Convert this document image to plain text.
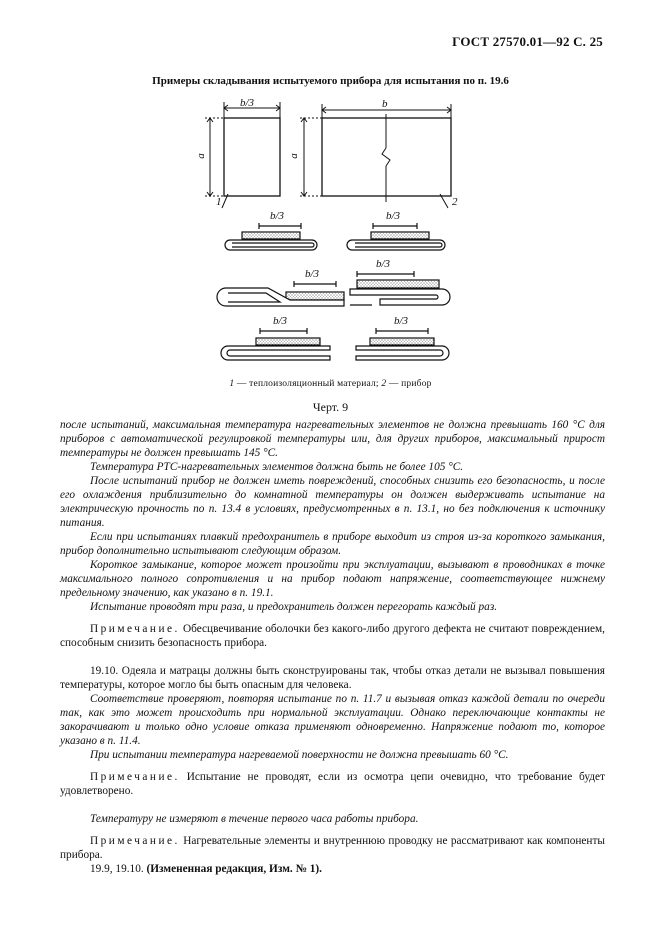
ГОСТ 27570.01—92 С. 25
Примеры складывания испытуемого прибора для испытания по п. 19.6
b/3	b
a	a
1	2
b/3	b/3
b/3
b/3
b/3	b/3
1 — теплоизоляционный материал; 2 — прибор
Черт. 9

после испытаний, максимальная температура нагревательных элементов не должна превышать 160 °С для приборов с автоматической регулировкой температуры или, для других приборов, максимальный прирост температуры не должен превышать 145 °С.

Температура РТС-нагревательных элементов должна быть не более 105 °С.

После испытаний прибор не должен иметь повреждений, способных снизить его безопасность, и после его охлаждения приблизительно до комнатной температуры он должен выдерживать испытание на электрическую прочность по п. 13.4 в условиях, предусмотренных в п. 13.1, но без подключения к источнику питания.

Если при испытаниях плавкий предохранитель в приборе выходит из строя из-за короткого замыкания, прибор дополнительно испытывают следующим образом.

Короткое замыкание, которое может произойти при эксплуатации, вызывают в проводниках в точке максимального полного сопротивления и на прибор подают напряжение, соответствующее нижнему предельному значению, как указано в п. 19.1.

Испытание проводят три раза, и предохранитель должен перегорать каждый раз.

Примечание. Обесцвечивание оболочки без какого-либо другого дефекта не считают повреждением, способным снизить безопасность прибора.

19.10. Одеяла и матрацы должны быть сконструированы так, чтобы отказ детали не вызывал повышения температуры, которое могло бы быть опасным для человека.

Соответствие проверяют, повторяя испытание по п. 11.7 и вызывая отказ каждой детали по очереди так, как это может происходить при нормальной эксплуатации. Однако переключающие контакты не закорачивают и только одно условие отказа применяют одновременно. Напряжение подают то, которое указано в п. 11.4.

При испытании температура нагреваемой поверхности не должна превышать 60 °С.

Примечание. Испытание не проводят, если из осмотра цепи очевидно, что требование будет удовлетворено.

Температуру не измеряют в течение первого часа работы прибора.

Примечание. Нагревательные элементы и внутреннюю проводку не рассматривают как компоненты прибора.

19.9, 19.10. (Измененная редакция, Изм. № 1).
